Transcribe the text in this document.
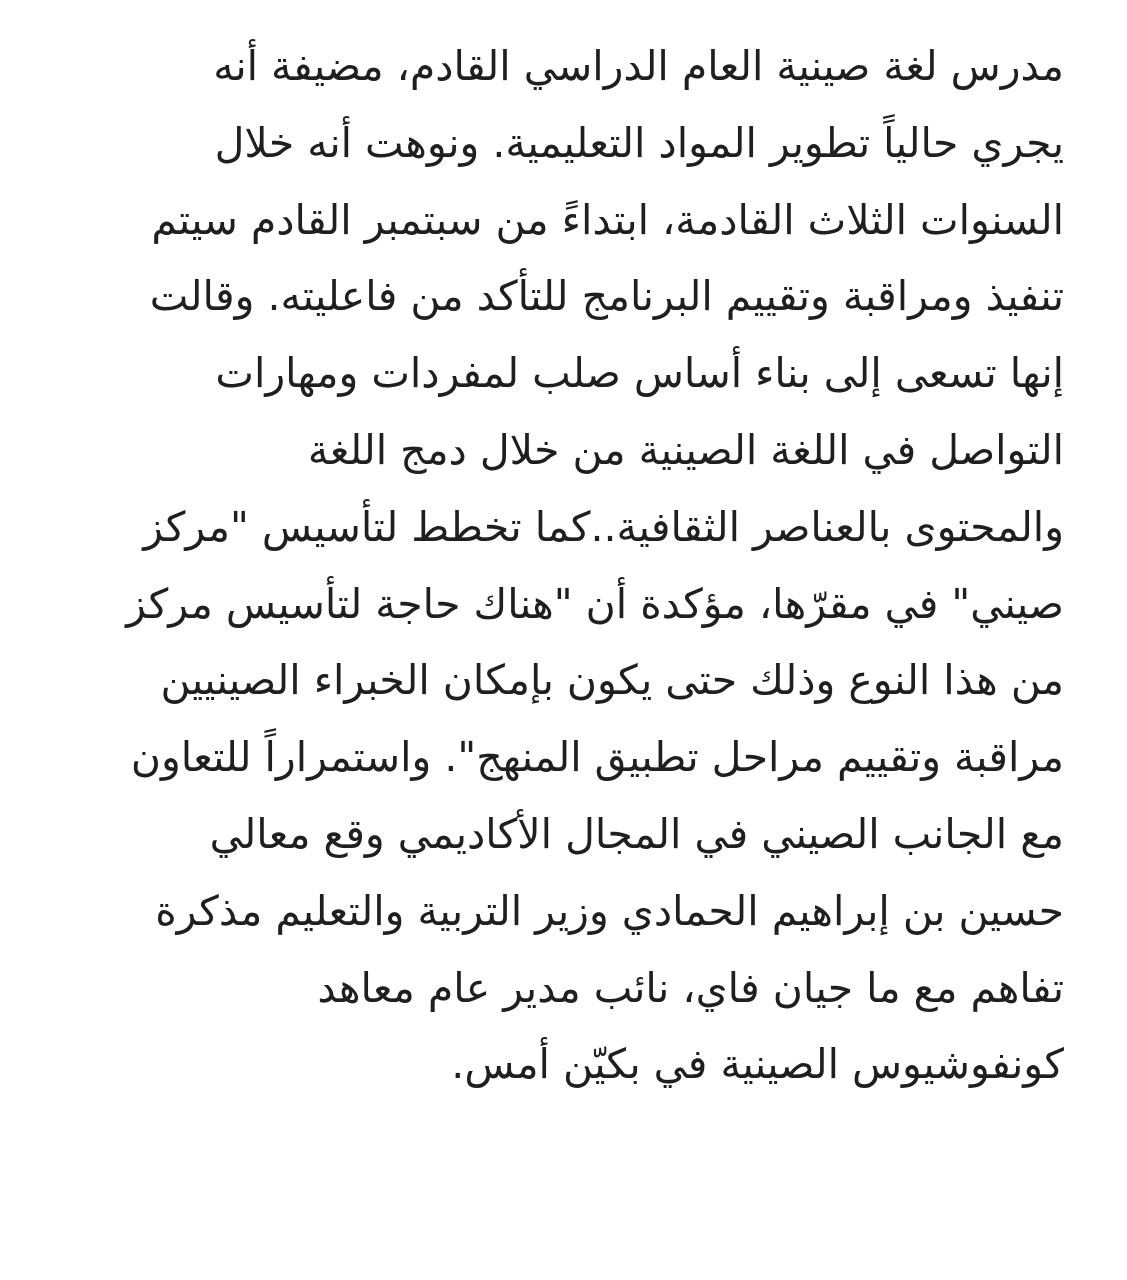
مدرس لغة صينية العام الدراسي القادم، مضيفة أنه
يجري حالياً تطوير المواد التعليمية. ونوهت أنه خلال
السنوات الثلاث القادمة، ابتداءً من سبتمبر القادم سيتم
تنفيذ ومراقبة وتقييم البرنامج للتأكد من فاعليته. وقالت
إنها تسعى إلى بناء أساس صلب لمفردات ومهارات
التواصل في اللغة الصينية من خلال دمج اللغة
والمحتوى بالعناصر الثقافية..كما تخطط لتأسيس "مركز
صيني" في مقرّها، مؤكدة أن "هناك حاجة لتأسيس مركز
من هذا النوع وذلك حتى يكون بإمكان الخبراء الصينيين
مراقبة وتقييم مراحل تطبيق المنهج". واستمراراً للتعاون
مع الجانب الصيني في المجال الأكاديمي وقع معالي
حسين بن إبراهيم الحمادي وزير التربية والتعليم مذكرة
تفاهم مع ما جيان فاي، نائب مدير عام معاهد
كونفوشيوس الصينية في بكيّن أمس.
